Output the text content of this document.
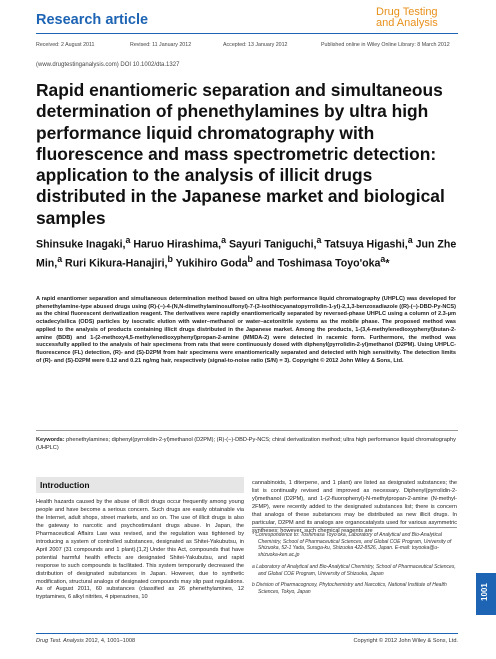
Research article	Drug Testing
and Analysis
Received: 2 August 2011	Revised: 11 January 2012	Accepted: 13 January 2012	Published online in Wiley Online Library: 8 March 2012
(www.drugtestinganalysis.com) DOI 10.1002/dta.1327
Rapid enantiomeric separation and simultaneous determination of phenethylamines by ultra high performance liquid chromatography with fluorescence and mass spectrometric detection: application to the analysis of illicit drugs distributed in the Japanese market and biological samples
Shinsuke Inagaki,$^a$ Haruo Hirashima,$^a$ Sayuri Taniguchi,$^a$ Tatsuya Higashi,$^a$ Jun Zhe Min,$^a$ Ruri Kikura-Hanajiri,$^b$ Yukihiro Goda$^b$ and Toshimasa Toyo'oka$^a$*
A rapid enantiomer separation and simultaneous determination method based on ultra high performance liquid chromatography (UHPLC) was developed for phenethylamine-type abused drugs using (R)-(−)-4-(N,N-dimethylaminosulfonyl)-7-(3-isothiocyanatopyrrolidin-1-yl)-2,1,3-benzoxadiazole ((R)-(−)-DBD-Py-NCS) as the chiral fluorescent derivatization reagent. The derivatives were rapidly enantiomerically separated by reversed-phase UHPLC using a column of 2.3-μm octadecylsilica (ODS) particles by isocratic elution with water–methanol or water–acetonitrile systems as the mobile phase. The proposed method was applied to the analysis of products containing illicit drugs distributed in the Japanese market. Among the products, 1-(3,4-methylenedioxyphenyl)butan-2-amine (BDB) and 1-(2-methoxy4,5-methylenedioxyphenyl)propan-2-amine (MMDA-2) were detected in racemic form. Furthermore, the method was successfully applied to the analysis of hair specimens from rats that were continuously dosed with diphenyl(pyrrolidin-2-yl)methanol (D2PM). Using UHPLC-fluorescence (FL) detection, (R)- and (S)-D2PM from hair specimens were enantiomerically separated and detected with high sensitivity. The detection limits of (R)- and (S)-D2PM were 0.12 and 0.21 ng/mg hair, respectively (signal-to-noise ratio (S/N) = 3). Copyright © 2012 John Wiley & Sons, Ltd.
Keywords: phenethylamines; diphenyl(pyrrolidin-2-yl)methanol (D2PM); (R)-(−)-DBD-Py-NCS; chiral derivatization method; ultra high performance liquid chromatography (UHPLC)
Introduction
Health hazards caused by the abuse of illicit drugs occur frequently among young people and have become a serious concern. Such drugs are easily obtainable via the Internet, adult shops, street markets, and so on. The use of illicit drugs is also the gateway to narcotic and psychostimulant drugs abuse. In Japan, the Pharmaceutical Affairs Law was revised, and the regulation was tightened by introducing a system of controlled substances, designated as Shitei-Yakubutsu, in April 2007 (31 compounds and 1 plant).[1,2] Under this Act, compounds that have potential harmful health effects are designated Shitei-Yakubutsu, and rapid response to such compounds is facilitated. This system temporarily decreased the distribution of designated substances in Japan. However, due to synthetic modification, structural analogs of designated compounds may slip past regulations. As of August 2011, 60 substances (classified as 26 phenethylamines, 12 tryptamines, 6 alkyl nitrites, 4 piperazines, 10
cannabinoids, 1 diterpene, and 1 plant) are listed as designated substances; the list is continually revised and improved as necessary. Diphenyl(pyrrolidin-2-yl)methanol (D2PM), and 1-(2-fluorophenyl)-N-methylpropan-2-amine (N-methyl-2FMP), were recently added to the designated substances list; there is concern that analogs of these substances may be distributed as new illicit drugs. In particular, D2PM and its analogs are organocatalysts used for various asymmetric syntheses; however, such chemical reagents are
* Correspondence to: Toshimasa Toyo'oka, Laboratory of Analytical and Bio-Analytical Chemistry, School of Pharmaceutical Sciences, and Global COE Program, University of Shizuoka, 52-1 Yada, Suruga-ku, Shizuoka 422-8526, Japan. E-mail: toyooka@u-shizuoka-ken.ac.jp
a Laboratory of Analytical and Bio-Analytical Chemistry, School of Pharmaceutical Sciences, and Global COE Program, University of Shizuoka, Japan
b Division of Pharmacognosy, Phytochemistry and Narcotics, National Institute of Health Sciences, Tokyo, Japan
Drug Test. Analysis 2012, 4, 1001–1008	Copyright © 2012 John Wiley & Sons, Ltd.
1001
